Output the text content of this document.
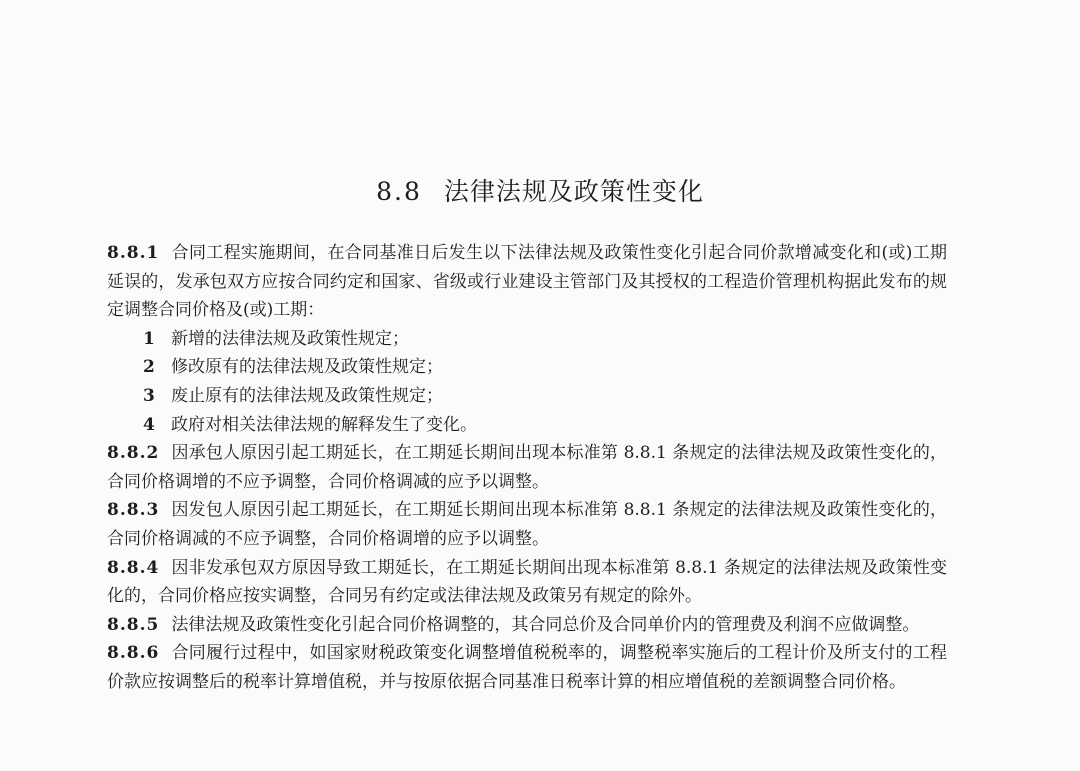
8.8 法律法规及政策性变化

8.8.1 合同工程实施期间，在合同基准日后发生以下法律法规及政策性变化引起合同价款增减变化和(或)工期延误的，发承包双方应按合同约定和国家、省级或行业建设主管部门及其授权的工程造价管理机构据此发布的规定调整合同价格及(或)工期：

1 新增的法律法规及政策性规定；

2 修改原有的法律法规及政策性规定；

3 废止原有的法律法规及政策性规定；

4 政府对相关法律法规的解释发生了变化。

8.8.2 因承包人原因引起工期延长，在工期延长期间出现本标准第 8.8.1 条规定的法律法规及政策性变化的，合同价格调增的不应予调整，合同价格调减的应予以调整。

8.8.3 因发包人原因引起工期延长，在工期延长期间出现本标准第 8.8.1 条规定的法律法规及政策性变化的，合同价格调减的不应予调整，合同价格调增的应予以调整。

8.8.4 因非发承包双方原因导致工期延长，在工期延长期间出现本标准第 8.8.1 条规定的法律法规及政策性变化的，合同价格应按实调整，合同另有约定或法律法规及政策另有规定的除外。

8.8.5 法律法规及政策性变化引起合同价格调整的，其合同总价及合同单价内的管理费及利润不应做调整。

8.8.6 合同履行过程中，如国家财税政策变化调整增值税税率的，调整税率实施后的工程计价及所支付的工程价款应按调整后的税率计算增值税，并与按原依据合同基准日税率计算的相应增值税的差额调整合同价格。
